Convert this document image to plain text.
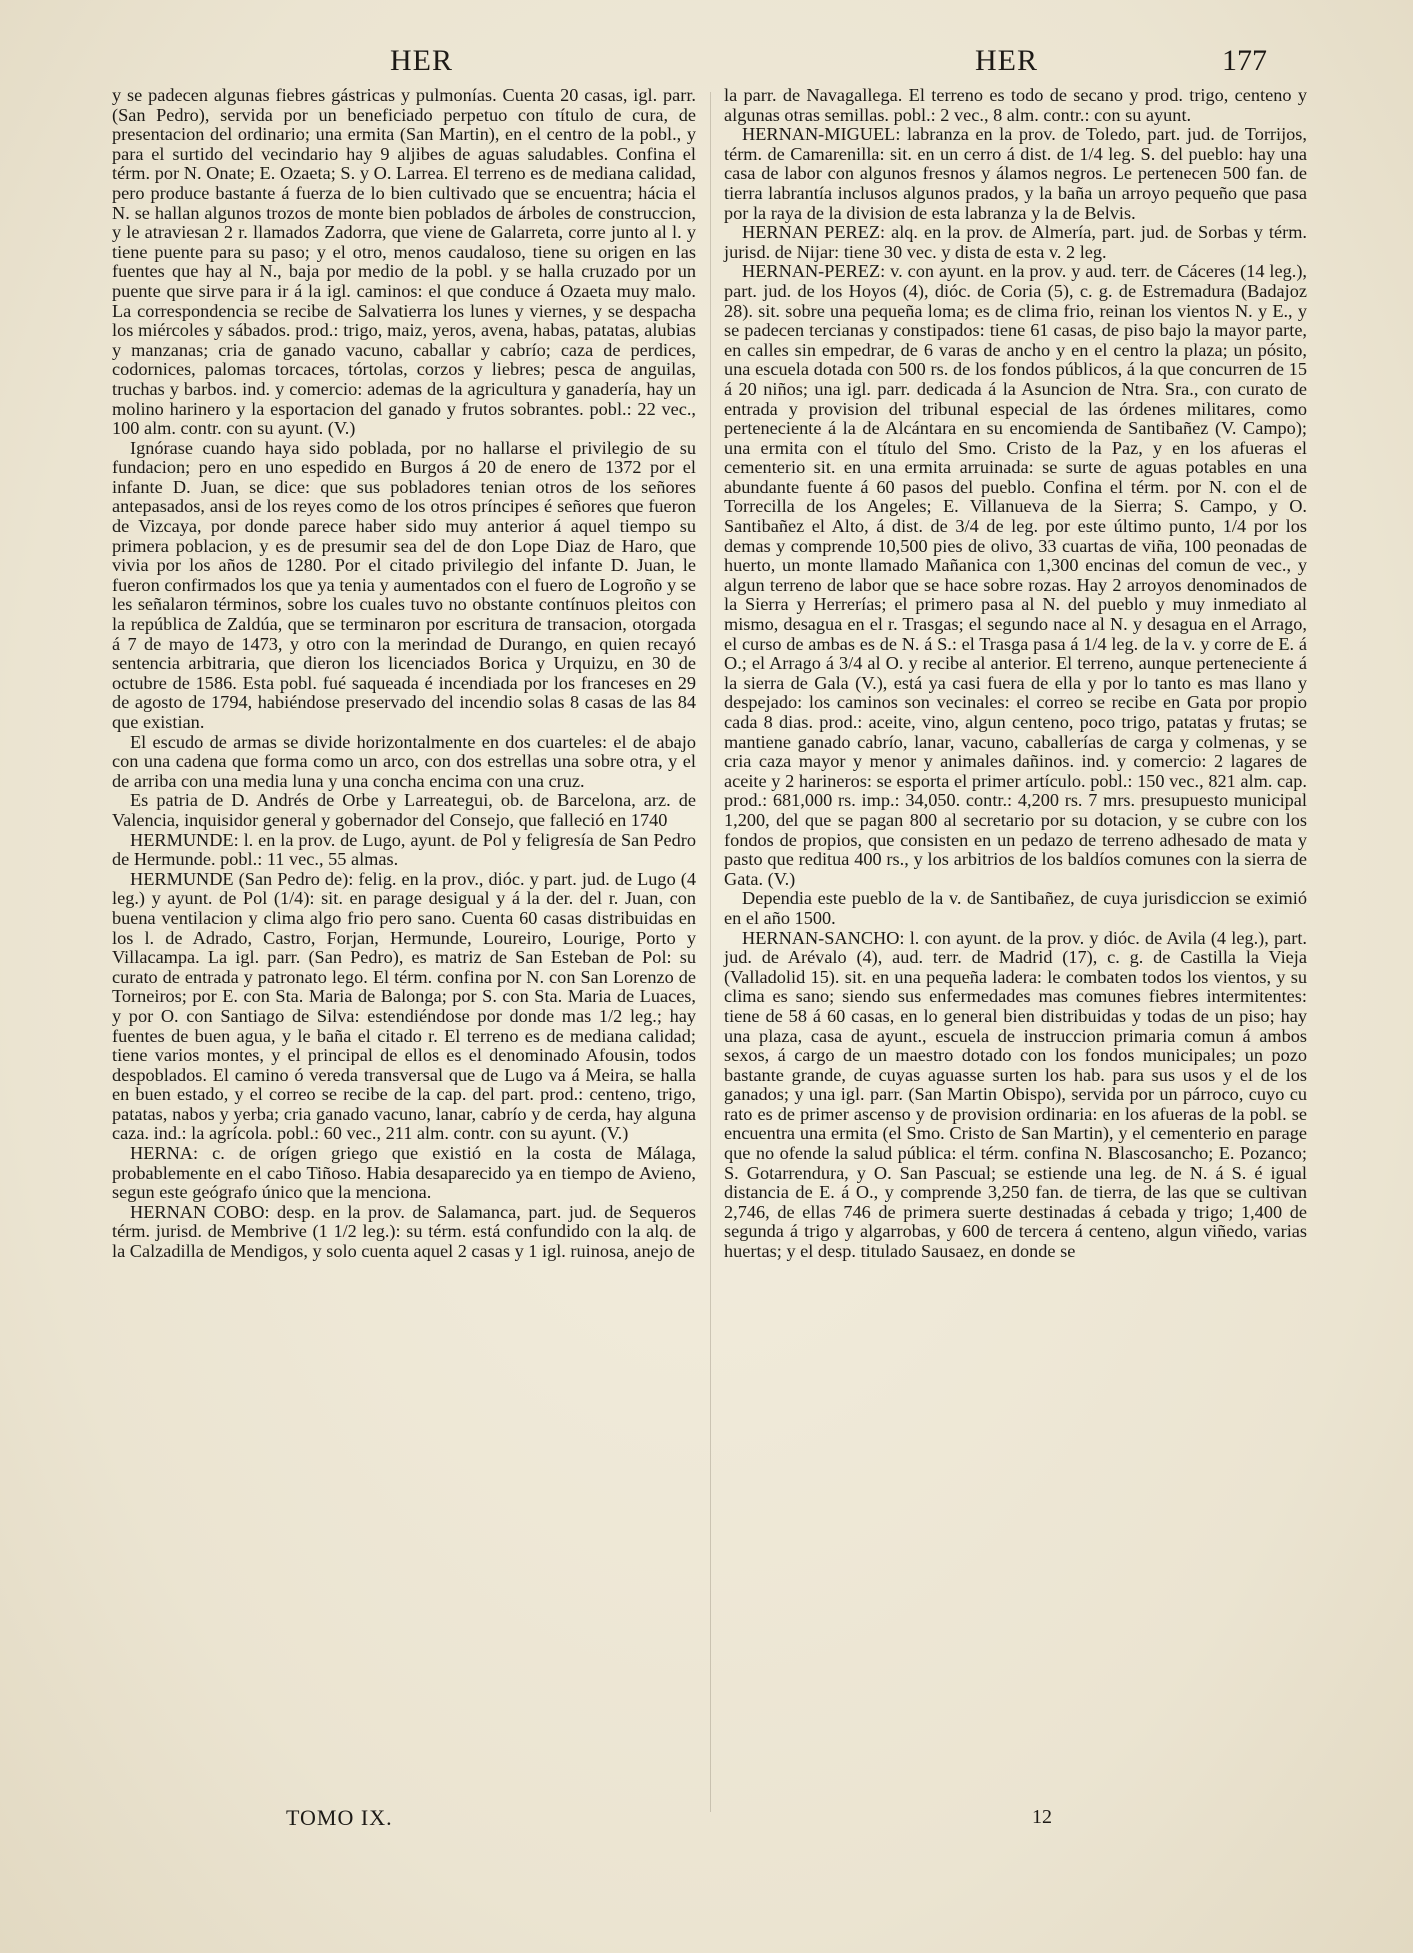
HER	HER	177

y se padecen algunas fiebres gástricas y pulmonías. Cuenta 20 casas, igl. parr. (San Pedro), servida por un beneficiado perpetuo con título de cura, de presentacion del ordinario; una ermita (San Martin), en el centro de la pobl., y para el surtido del vecindario hay 9 aljibes de aguas saludables. Confina el térm. por N. Onate; E. Ozaeta; S. y O. Larrea. El terreno es de mediana calidad, pero produce bastante á fuerza de lo bien cultivado que se encuentra; hácia el N. se hallan algunos trozos de monte bien poblados de árboles de construccion, y le atraviesan 2 r. llamados Zadorra, que viene de Galarreta, corre junto al l. y tiene puente para su paso; y el otro, menos caudaloso, tiene su origen en las fuentes que hay al N., baja por medio de la pobl. y se halla cruzado por un puente que sirve para ir á la igl. caminos: el que conduce á Ozaeta muy malo. La correspondencia se recibe de Salvatierra los lunes y viernes, y se despacha los miércoles y sábados. prod.: trigo, maiz, yeros, avena, habas, patatas, alubias y manzanas; cria de ganado vacuno, caballar y cabrío; caza de perdices, codornices, palomas torcaces, tórtolas, corzos y liebres; pesca de anguilas, truchas y barbos. ind. y comercio: ademas de la agricultura y ganadería, hay un molino harinero y la esportacion del ganado y frutos sobrantes. pobl.: 22 vec., 100 alm. contr. con su ayunt. (V.)

Ignórase cuando haya sido poblada, por no hallarse el privilegio de su fundacion; pero en uno espedido en Burgos á 20 de enero de 1372 por el infante D. Juan, se dice: que sus pobladores tenian otros de los señores antepasados, ansi de los reyes como de los otros príncipes é señores que fueron de Vizcaya, por donde parece haber sido muy anterior á aquel tiempo su primera poblacion, y es de presumir sea del de don Lope Diaz de Haro, que vivia por los años de 1280. Por el citado privilegio del infante D. Juan, le fueron confirmados los que ya tenia y aumentados con el fuero de Logroño y se les señalaron términos, sobre los cuales tuvo no obstante contínuos pleitos con la república de Zaldúa, que se terminaron por escritura de transacion, otorgada á 7 de mayo de 1473, y otro con la merindad de Durango, en quien recayó sentencia arbitraria, que dieron los licenciados Borica y Urquizu, en 30 de octubre de 1586. Esta pobl. fué saqueada é incendiada por los franceses en 29 de agosto de 1794, habiéndose preservado del incendio solas 8 casas de las 84 que existian.

El escudo de armas se divide horizontalmente en dos cuarteles: el de abajo con una cadena que forma como un arco, con dos estrellas una sobre otra, y el de arriba con una media luna y una concha encima con una cruz.

Es patria de D. Andrés de Orbe y Larreategui, ob. de Barcelona, arz. de Valencia, inquisidor general y gobernador del Consejo, que falleció en 1740

HERMUNDE: l. en la prov. de Lugo, ayunt. de Pol y feligresía de San Pedro de Hermunde. pobl.: 11 vec., 55 almas.

HERMUNDE (San Pedro de): felig. en la prov., dióc. y part. jud. de Lugo (4 leg.) y ayunt. de Pol (1/4): sit. en parage desigual y á la der. del r. Juan, con buena ventilacion y clima algo frio pero sano. Cuenta 60 casas distribuidas en los l. de Adrado, Castro, Forjan, Hermunde, Loureiro, Lourige, Porto y Villacampa. La igl. parr. (San Pedro), es matriz de San Esteban de Pol: su curato de entrada y patronato lego. El térm. confina por N. con San Lorenzo de Torneiros; por E. con Sta. Maria de Balonga; por S. con Sta. Maria de Luaces, y por O. con Santiago de Silva: estendiéndose por donde mas 1/2 leg.; hay fuentes de buen agua, y le baña el citado r. El terreno es de mediana calidad; tiene varios montes, y el principal de ellos es el denominado Afousin, todos despoblados. El camino ó vereda transversal que de Lugo va á Meira, se halla en buen estado, y el correo se recibe de la cap. del part. prod.: centeno, trigo, patatas, nabos y yerba; cria ganado vacuno, lanar, cabrío y de cerda, hay alguna caza. ind.: la agrícola. pobl.: 60 vec., 211 alm. contr. con su ayunt. (V.)

HERNA: c. de orígen griego que existió en la costa de Málaga, probablemente en el cabo Tiñoso. Habia desaparecido ya en tiempo de Avieno, segun este geógrafo único que la menciona.

HERNAN COBO: desp. en la prov. de Salamanca, part. jud. de Sequeros térm. jurisd. de Membrive (1 1/2 leg.): su térm. está confundido con la alq. de la Calzadilla de Mendigos, y solo cuenta aquel 2 casas y 1 igl. ruinosa, anejo de

la parr. de Navagallega. El terreno es todo de secano y prod. trigo, centeno y algunas otras semillas. pobl.: 2 vec., 8 alm. contr.: con su ayunt.

HERNAN-MIGUEL: labranza en la prov. de Toledo, part. jud. de Torrijos, térm. de Camarenilla: sit. en un cerro á dist. de 1/4 leg. S. del pueblo: hay una casa de labor con algunos fresnos y álamos negros. Le pertenecen 500 fan. de tierra labrantía inclusos algunos prados, y la baña un arroyo pequeño que pasa por la raya de la division de esta labranza y la de Belvis.

HERNAN PEREZ: alq. en la prov. de Almería, part. jud. de Sorbas y térm. jurisd. de Nijar: tiene 30 vec. y dista de esta v. 2 leg.

HERNAN-PEREZ: v. con ayunt. en la prov. y aud. terr. de Cáceres (14 leg.), part. jud. de los Hoyos (4), dióc. de Coria (5), c. g. de Estremadura (Badajoz 28). sit. sobre una pequeña loma; es de clima frio, reinan los vientos N. y E., y se padecen tercianas y constipados: tiene 61 casas, de piso bajo la mayor parte, en calles sin empedrar, de 6 varas de ancho y en el centro la plaza; un pósito, una escuela dotada con 500 rs. de los fondos públicos, á la que concurren de 15 á 20 niños; una igl. parr. dedicada á la Asuncion de Ntra. Sra., con curato de entrada y provision del tribunal especial de las órdenes militares, como perteneciente á la de Alcántara en su encomienda de Santibañez (V. Campo); una ermita con el título del Smo. Cristo de la Paz, y en los afueras el cementerio sit. en una ermita arruinada: se surte de aguas potables en una abundante fuente á 60 pasos del pueblo. Confina el térm. por N. con el de Torrecilla de los Angeles; E. Villanueva de la Sierra; S. Campo, y O. Santibañez el Alto, á dist. de 3/4 de leg. por este último punto, 1/4 por los demas y comprende 10,500 pies de olivo, 33 cuartas de viña, 100 peonadas de huerto, un monte llamado Mañanica con 1,300 encinas del comun de vec., y algun terreno de labor que se hace sobre rozas. Hay 2 arroyos denominados de la Sierra y Herrerías; el primero pasa al N. del pueblo y muy inmediato al mismo, desagua en el r. Trasgas; el segundo nace al N. y desagua en el Arrago, el curso de ambas es de N. á S.: el Trasga pasa á 1/4 leg. de la v. y corre de E. á O.; el Arrago á 3/4 al O. y recibe al anterior. El terreno, aunque perteneciente á la sierra de Gala (V.), está ya casi fuera de ella y por lo tanto es mas llano y despejado: los caminos son vecinales: el correo se recibe en Gata por propio cada 8 dias. prod.: aceite, vino, algun centeno, poco trigo, patatas y frutas; se mantiene ganado cabrío, lanar, vacuno, caballerías de carga y colmenas, y se cria caza mayor y menor y animales dañinos. ind. y comercio: 2 lagares de aceite y 2 harineros: se esporta el primer artículo. pobl.: 150 vec., 821 alm. cap. prod.: 681,000 rs. imp.: 34,050. contr.: 4,200 rs. 7 mrs. presupuesto municipal 1,200, del que se pagan 800 al secretario por su dotacion, y se cubre con los fondos de propios, que consisten en un pedazo de terreno adhesado de mata y pasto que reditua 400 rs., y los arbitrios de los baldíos comunes con la sierra de Gata. (V.)

Dependia este pueblo de la v. de Santibañez, de cuya jurisdiccion se eximió en el año 1500.

HERNAN-SANCHO: l. con ayunt. de la prov. y dióc. de Avila (4 leg.), part. jud. de Arévalo (4), aud. terr. de Madrid (17), c. g. de Castilla la Vieja (Valladolid 15). sit. en una pequeña ladera: le combaten todos los vientos, y su clima es sano; siendo sus enfermedades mas comunes fiebres intermitentes: tiene de 58 á 60 casas, en lo general bien distribuidas y todas de un piso; hay una plaza, casa de ayunt., escuela de instruccion primaria comun á ambos sexos, á cargo de un maestro dotado con los fondos municipales; un pozo bastante grande, de cuyas aguasse surten los hab. para sus usos y el de los ganados; y una igl. parr. (San Martin Obispo), servida por un párroco, cuyo cu rato es de primer ascenso y de provision ordinaria: en los afueras de la pobl. se encuentra una ermita (el Smo. Cristo de San Martin), y el cementerio en parage que no ofende la salud pública: el térm. confina N. Blascosancho; E. Pozanco; S. Gotarrendura, y O. San Pascual; se estiende una leg. de N. á S. é igual distancia de E. á O., y comprende 3,250 fan. de tierra, de las que se cultivan 2,746, de ellas 746 de primera suerte destinadas á cebada y trigo; 1,400 de segunda á trigo y algarrobas, y 600 de tercera á centeno, algun viñedo, varias huertas; y el desp. titulado Sausaez, en donde se

TOMO IX.	12
